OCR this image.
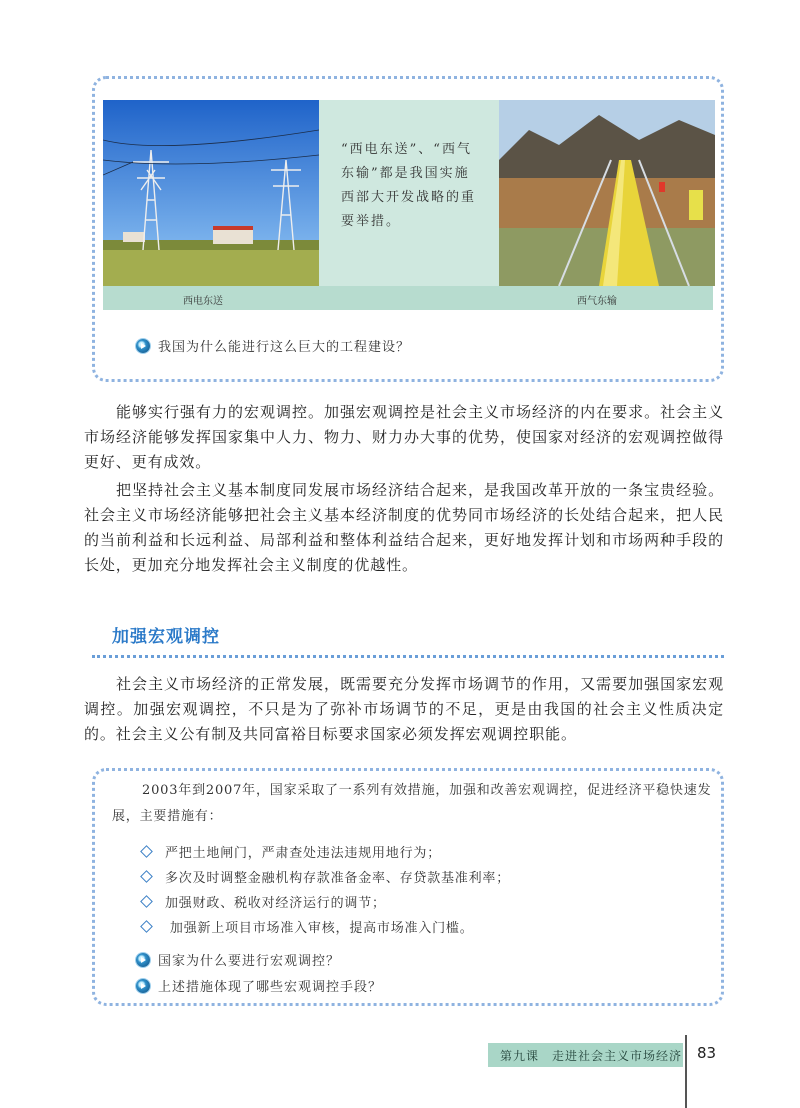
西电东送	西气东输
“西电东送”、“西气东输”都是我国实施西部大开发战略的重要举措。
我国为什么能进行这么巨大的工程建设？

能够实行强有力的宏观调控。加强宏观调控是社会主义市场经济的内在要求。社会主义市场经济能够发挥国家集中人力、物力、财力办大事的优势，使国家对经济的宏观调控做得更好、更有成效。

把坚持社会主义基本制度同发展市场经济结合起来，是我国改革开放的一条宝贵经验。社会主义市场经济能够把社会主义基本经济制度的优势同市场经济的长处结合起来，把人民的当前利益和长远利益、局部利益和整体利益结合起来，更好地发挥计划和市场两种手段的长处，更加充分地发挥社会主义制度的优越性。

加强宏观调控

社会主义市场经济的正常发展，既需要充分发挥市场调节的作用，又需要加强国家宏观调控。加强宏观调控，不只是为了弥补市场调节的不足，更是由我国的社会主义性质决定的。社会主义公有制及共同富裕目标要求国家必须发挥宏观调控职能。

2003年到2007年，国家采取了一系列有效措施，加强和改善宏观调控，促进经济平稳快速发展，主要措施有：
严把土地闸门，严肃查处违法违规用地行为；
多次及时调整金融机构存款准备金率、存贷款基准利率；
加强财政、税收对经济运行的调节；
加强新上项目市场准入审核，提高市场准入门槛。
国家为什么要进行宏观调控？
上述措施体现了哪些宏观调控手段？
第九课　走进社会主义市场经济 83
